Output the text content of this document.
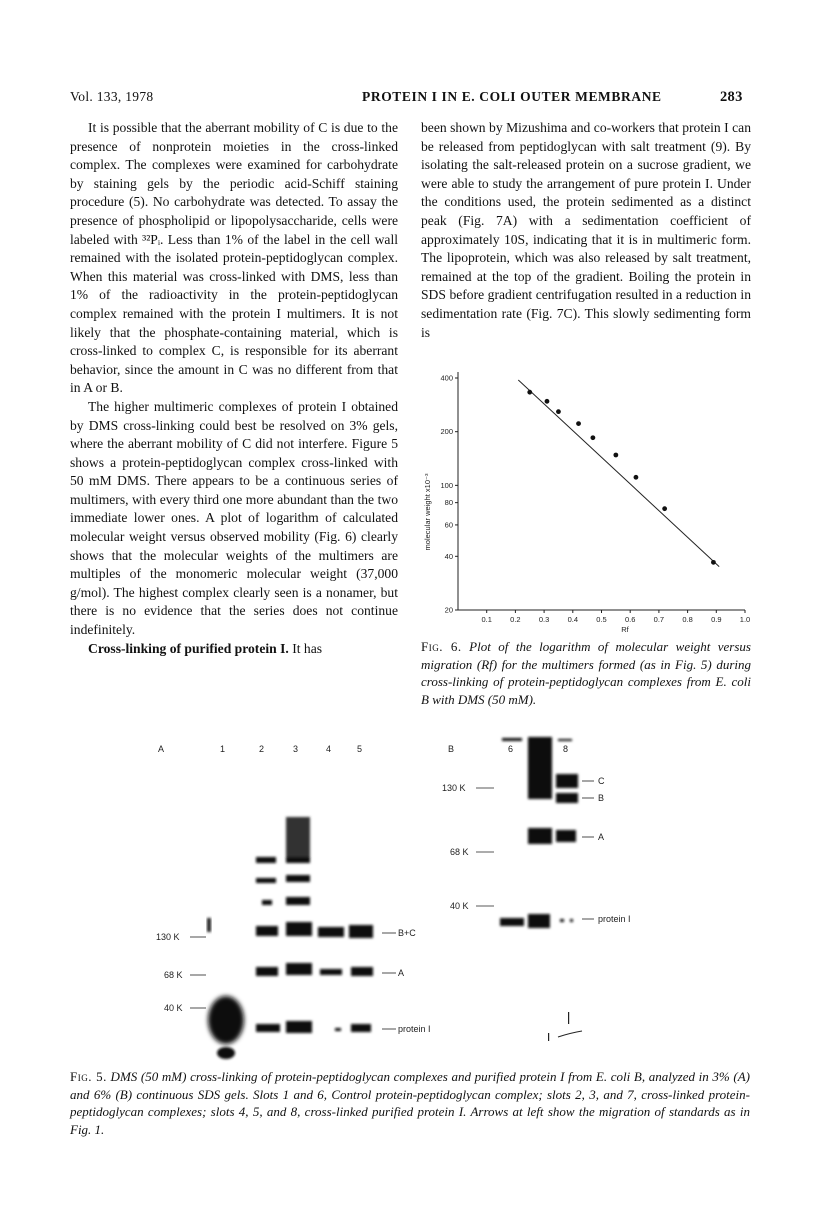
Vol. 133, 1978	PROTEIN I IN E. COLI OUTER MEMBRANE	283

It is possible that the aberrant mobility of C is due to the presence of nonprotein moieties in the cross-linked complex. The complexes were examined for carbohydrate by staining gels by the periodic acid-Schiff staining procedure (5). No carbohydrate was detected. To assay the presence of phospholipid or lipopolysaccharide, cells were labeled with ³²Pᵢ. Less than 1% of the label in the cell wall remained with the isolated protein-peptidoglycan complex. When this material was cross-linked with DMS, less than 1% of the radioactivity in the protein-peptidoglycan complex remained with the protein I multimers. It is not likely that the phosphate-containing material, which is cross-linked to complex C, is responsible for its aberrant behavior, since the amount in C was no different from that in A or B.

The higher multimeric complexes of protein I obtained by DMS cross-linking could best be resolved on 3% gels, where the aberrant mobility of C did not interfere. Figure 5 shows a protein-peptidoglycan complex cross-linked with 50 mM DMS. There appears to be a continuous series of multimers, with every third one more abundant than the two immediate lower ones. A plot of logarithm of calculated molecular weight versus observed mobility (Fig. 6) clearly shows that the molecular weights of the multimers are multiples of the monomeric molecular weight (37,000 g/mol). The highest complex clearly seen is a nonamer, but there is no evidence that the series does not continue indefinitely.

Cross-linking of purified protein I. It has

been shown by Mizushima and co-workers that protein I can be released from peptidoglycan with salt treatment (9). By isolating the salt-released protein on a sucrose gradient, we were able to study the arrangement of pure protein I. Under the conditions used, the protein sedimented as a distinct peak (Fig. 7A) with a sedimentation coefficient of approximately 10S, indicating that it is in multimeric form. The lipoprotein, which was also released by salt treatment, remained at the top of the gradient. Boiling the protein in SDS before gradient centrifugation resulted in a reduction in sedimentation rate (Fig. 7C). This slowly sedimenting form is

400
200
100
80
60
40
20
0.1 0.2 0.3 0.4 0.5 0.6 0.7 0.8 0.9 1.0
molecular weight x10⁻³
Rf
Fig. 6. Plot of the logarithm of molecular weight versus migration (Rf) for the multimers formed (as in Fig. 5) during cross-linking of protein-peptidoglycan complexes from E. coli B with DMS (50 mM).
A	1	2	3	4	5
130 K
68 K
40 K
B+C
A
protein I
B	6	8
130 K
68 K
40 K
C
B
A
protein I
Fig. 5. DMS (50 mM) cross-linking of protein-peptidoglycan complexes and purified protein I from E. coli B, analyzed in 3% (A) and 6% (B) continuous SDS gels. Slots 1 and 6, Control protein-peptidoglycan complex; slots 2, 3, and 7, cross-linked protein-peptidoglycan complexes; slots 4, 5, and 8, cross-linked purified protein I. Arrows at left show the migration of standards as in Fig. 1.
